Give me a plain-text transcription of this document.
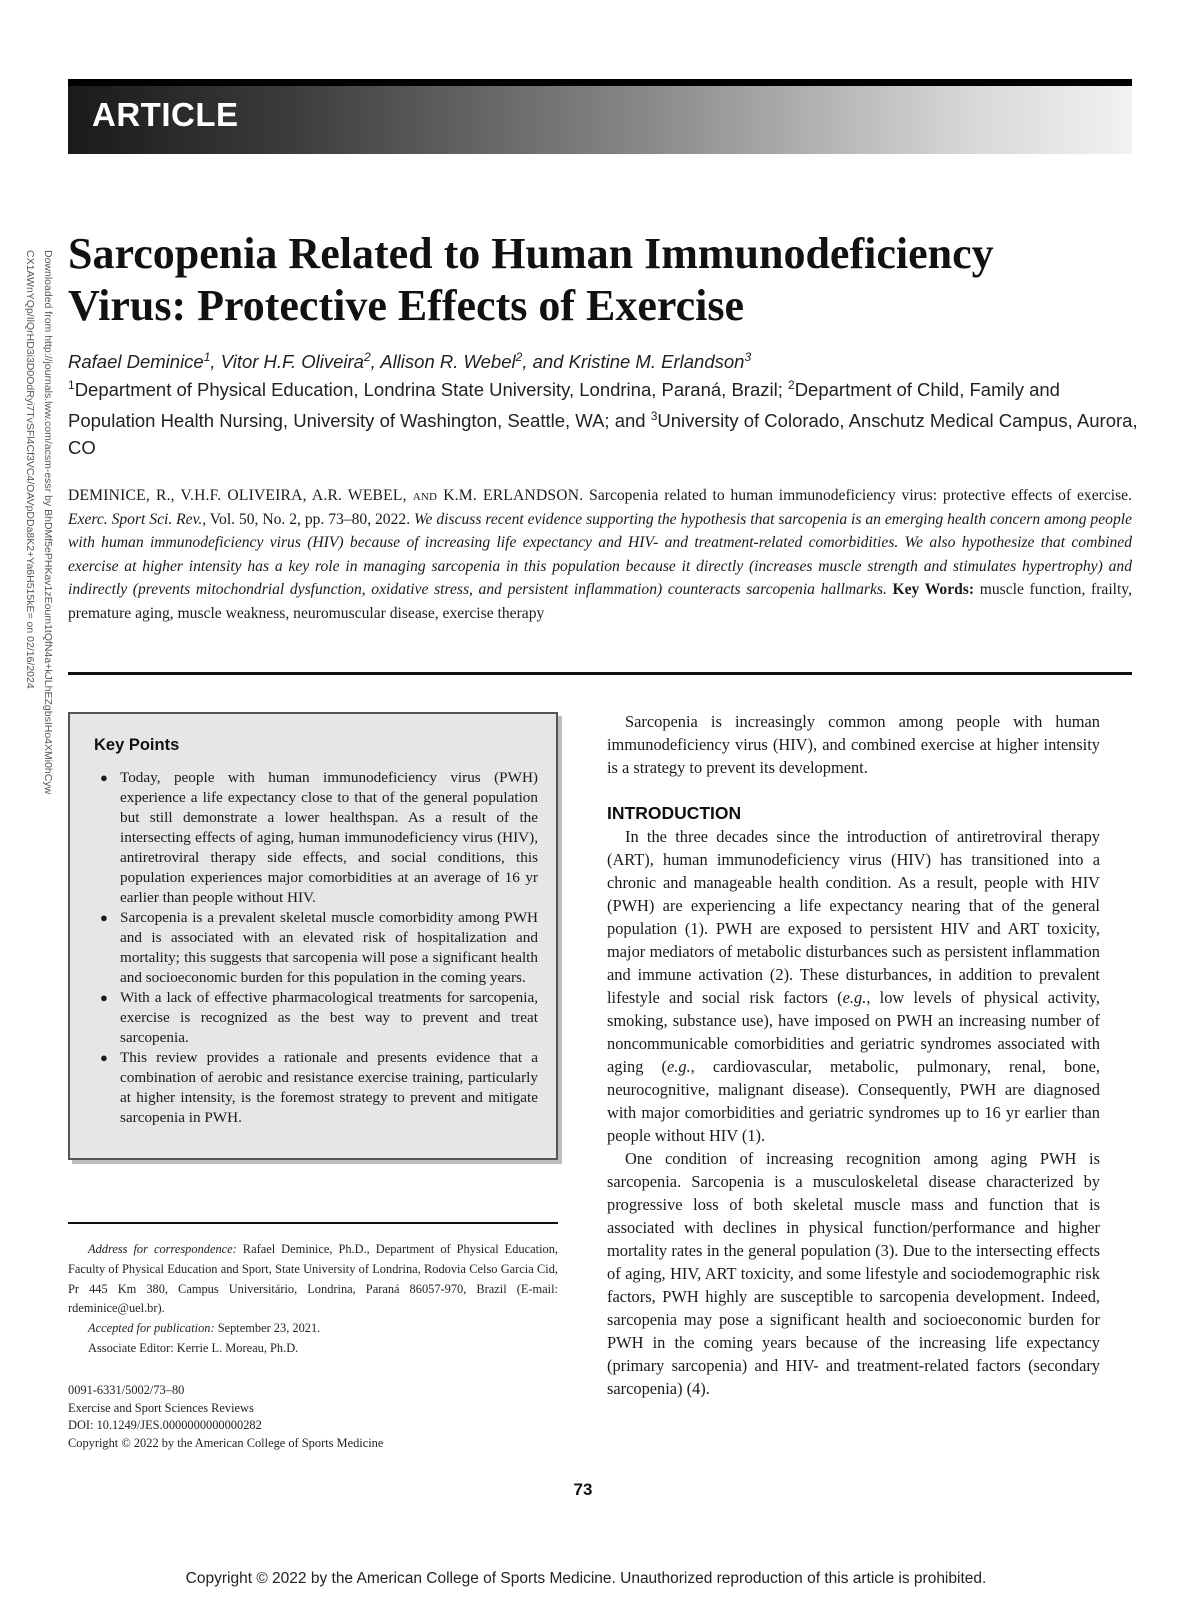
Downloaded from http://journals.lww.com/acsm-essr by BhDMf5ePHKav1zEoum1tQfN4a+kJLhEZgbsIHo4XMi0hCyw
CX1AWnYQp/IlQrHD3i3D0OdRyi7TvSFl4Cf3VC4/OAVpDDa8K2+Ya6H515kE= on 02/16/2024
ARTICLE
Sarcopenia Related to Human Immunodeficiency
Virus: Protective Effects of Exercise
Rafael Deminice$^1$, Vitor H.F. Oliveira$^2$, Allison R. Webel$^2$, and Kristine M. Erlandson$^3$
$^1$Department of Physical Education, Londrina State University, Londrina, Paraná, Brazil; $^2$Department of Child, Family and Population Health Nursing, University of Washington, Seattle, WA; and $^3$University of Colorado, Anschutz Medical Campus, Aurora, CO
DEMINICE, R., V.H.F. OLIVEIRA, A.R. WEBEL, and K.M. ERLANDSON. Sarcopenia related to human immunodeficiency virus: protective effects of exercise. Exerc. Sport Sci. Rev., Vol. 50, No. 2, pp. 73–80, 2022. We discuss recent evidence supporting the hypothesis that sarcopenia is an emerging health concern among people with human immunodeficiency virus (HIV) because of increasing life expectancy and HIV- and treatment-related comorbidities. We also hypothesize that combined exercise at higher intensity has a key role in managing sarcopenia in this population because it directly (increases muscle strength and stimulates hypertrophy) and indirectly (prevents mitochondrial dysfunction, oxidative stress, and persistent inflammation) counteracts sarcopenia hallmarks. Key Words: muscle function, frailty, premature aging, muscle weakness, neuromuscular disease, exercise therapy
Key Points
● Today, people with human immunodeficiency virus (PWH) experience a life expectancy close to that of the general population but still demonstrate a lower healthspan. As a result of the intersecting effects of aging, human immunodeficiency virus (HIV), antiretroviral therapy side effects, and social conditions, this population experiences major comorbidities at an average of 16 yr earlier than people without HIV.
● Sarcopenia is a prevalent skeletal muscle comorbidity among PWH and is associated with an elevated risk of hospitalization and mortality; this suggests that sarcopenia will pose a significant health and socioeconomic burden for this population in the coming years.
● With a lack of effective pharmacological treatments for sarcopenia, exercise is recognized as the best way to prevent and treat sarcopenia.
● This review provides a rationale and presents evidence that a combination of aerobic and resistance exercise training, particularly at higher intensity, is the foremost strategy to prevent and mitigate sarcopenia in PWH.

Address for correspondence: Rafael Deminice, Ph.D., Department of Physical Education, Faculty of Physical Education and Sport, State University of Londrina, Rodovia Celso Garcia Cid, Pr 445 Km 380, Campus Universitário, Londrina, Paraná 86057-970, Brazil (E-mail: rdeminice@uel.br).

Accepted for publication: September 23, 2021.

Associate Editor: Kerrie L. Moreau, Ph.D.

0091-6331/5002/73–80
Exercise and Sport Sciences Reviews
DOI: 10.1249/JES.0000000000000282
Copyright © 2022 by the American College of Sports Medicine

Sarcopenia is increasingly common among people with human immunodeficiency virus (HIV), and combined exercise at higher intensity is a strategy to prevent its development.

INTRODUCTION

In the three decades since the introduction of antiretroviral therapy (ART), human immunodeficiency virus (HIV) has transitioned into a chronic and manageable health condition. As a result, people with HIV (PWH) are experiencing a life expectancy nearing that of the general population (1). PWH are exposed to persistent HIV and ART toxicity, major mediators of metabolic disturbances such as persistent inflammation and immune activation (2). These disturbances, in addition to prevalent lifestyle and social risk factors (e.g., low levels of physical activity, smoking, substance use), have imposed on PWH an increasing number of noncommunicable comorbidities and geriatric syndromes associated with aging (e.g., cardiovascular, metabolic, pulmonary, renal, bone, neurocognitive, malignant disease). Consequently, PWH are diagnosed with major comorbidities and geriatric syndromes up to 16 yr earlier than people without HIV (1).

One condition of increasing recognition among aging PWH is sarcopenia. Sarcopenia is a musculoskeletal disease characterized by progressive loss of both skeletal muscle mass and function that is associated with declines in physical function/performance and higher mortality rates in the general population (3). Due to the intersecting effects of aging, HIV, ART toxicity, and some lifestyle and sociodemographic risk factors, PWH highly are susceptible to sarcopenia development. Indeed, sarcopenia may pose a significant health and socioeconomic burden for PWH in the coming years because of the increasing life expectancy (primary sarcopenia) and HIV- and treatment-related factors (secondary sarcopenia) (4).

73
Copyright © 2022 by the American College of Sports Medicine. Unauthorized reproduction of this article is prohibited.
